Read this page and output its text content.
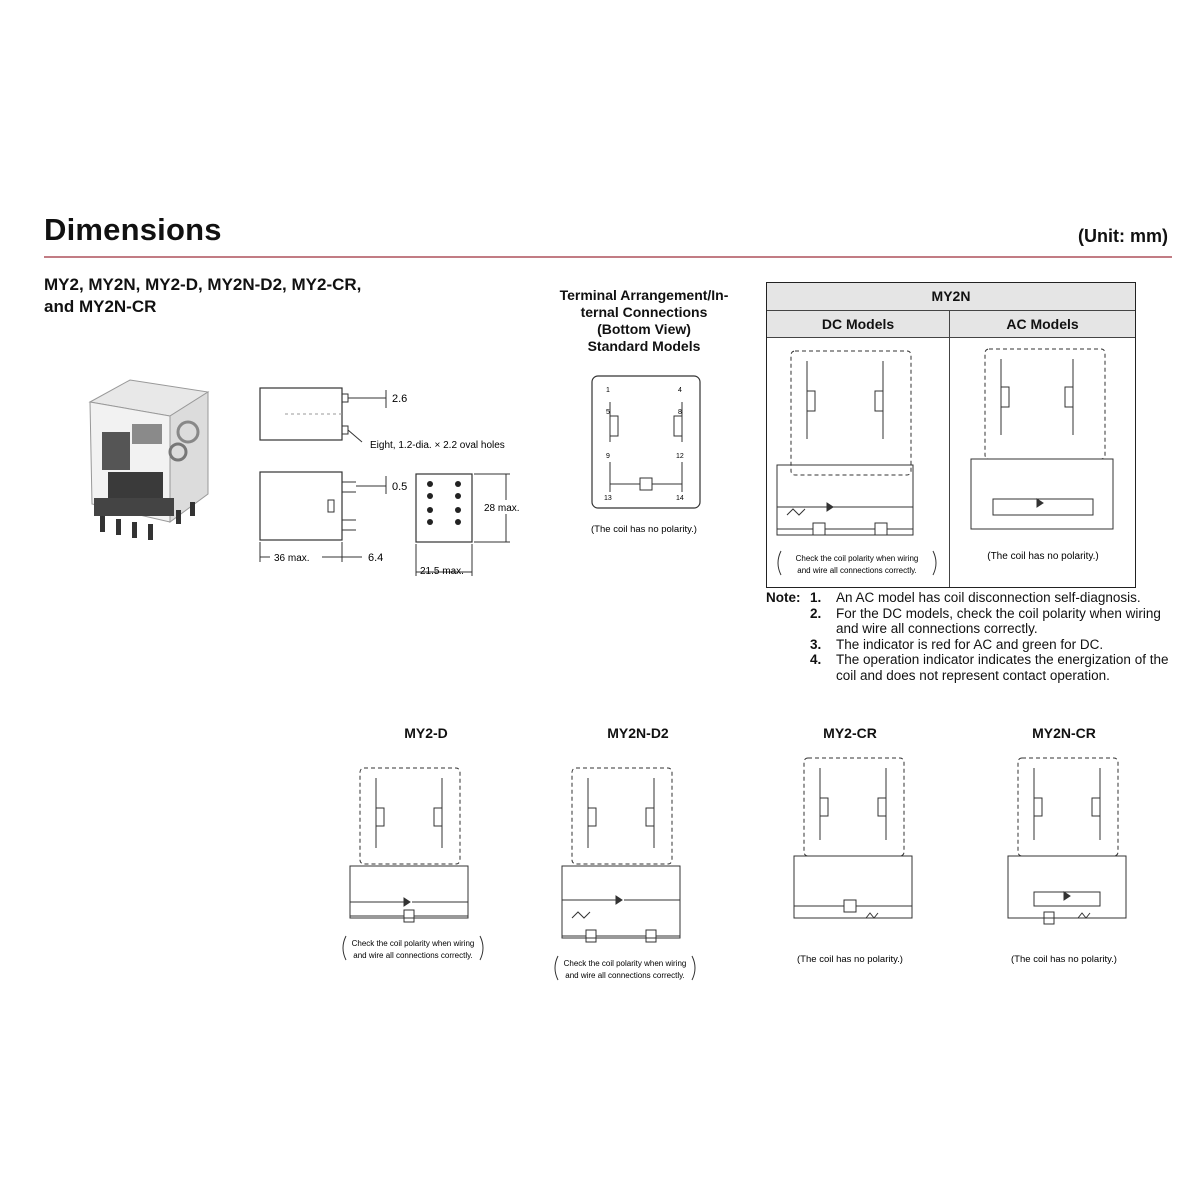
Dimensions	(Unit: mm)
MY2, MY2N, MY2-D, MY2N-D2, MY2-CR,
and MY2N-CR
2.6
Eight, 1.2-dia. × 2.2 oval holes
0.5
36 max.	6.4
28 max.
21.5 max.
Terminal Arrangement/In-
ternal Connections
(Bottom View)
Standard Models
1	4
5	8
9	12
13	14
(The coil has no polarity.)
MY2N
DC Models	AC Models
Check the coil polarity when wiring
and wire all connections correctly.
(The coil has no polarity.)
Note: 1.	An AC model has coil disconnection self-diagnosis.
2.	For the DC models, check the coil polarity when wiring and wire all connections correctly.
3.	The indicator is red for AC and green for DC.
4.	The operation indicator indicates the energization of the coil and does not represent contact operation.
MY2-D	MY2N-D2	MY2-CR	MY2N-CR
Check the coil polarity when wiring
and wire all connections correctly.
Check the coil polarity when wiring
and wire all connections correctly.
(The coil has no polarity.)	(The coil has no polarity.)
